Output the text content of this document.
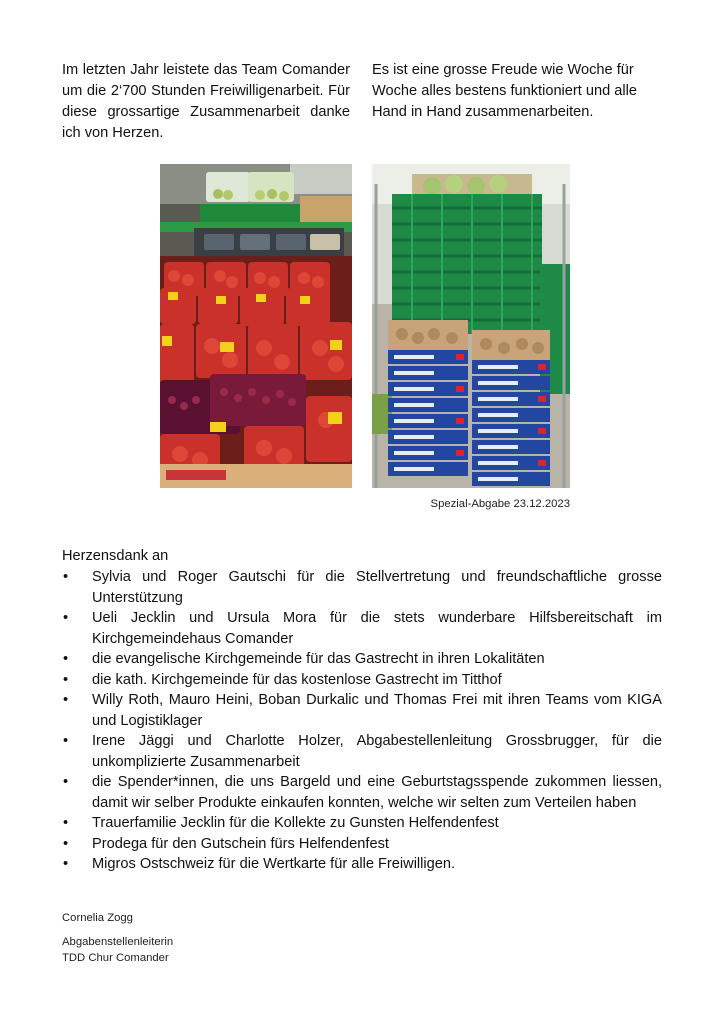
Im letzten Jahr leistete das Team Comander um die 2‘700 Stunden Freiwilligenarbeit. Für diese grossartige Zusammenarbeit danke ich von Herzen.

Es ist eine grosse Freude wie Woche für Woche alles bestens funktioniert und alle Hand in Hand zusammenarbeiten.

Spezial-Abgabe 23.12.2023
Herzensdank an
• Sylvia und Roger Gautschi für die Stellvertretung und freundschaftliche grosse Unterstützung
• Ueli Jecklin und Ursula Mora für die stets wunderbare Hilfsbereitschaft im Kirchgemeindehaus Comander
• die evangelische Kirchgemeinde für das Gastrecht in ihren Lokalitäten
• die kath. Kirchgemeinde für das kostenlose Gastrecht im Titthof
• Willy Roth, Mauro Heini, Boban Durkalic und Thomas Frei mit ihren Teams vom KIGA und Logistiklager
• Irene Jäggi und Charlotte Holzer, Abgabestellenleitung Grossbrugger, für die unkomplizierte Zusammenarbeit
• die Spender*innen, die uns Bargeld und eine Geburtstagsspende zukommen liessen, damit wir selber Produkte einkaufen konnten, welche wir selten zum Verteilen haben
• Trauerfamilie Jecklin für die Kollekte zu Gunsten Helfendenfest
• Prodega für den Gutschein fürs Helfendenfest
• Migros Ostschweiz für die Wertkarte für alle Freiwilligen.
Cornelia Zogg
Abgabenstellenleiterin
TDD Chur Comander
